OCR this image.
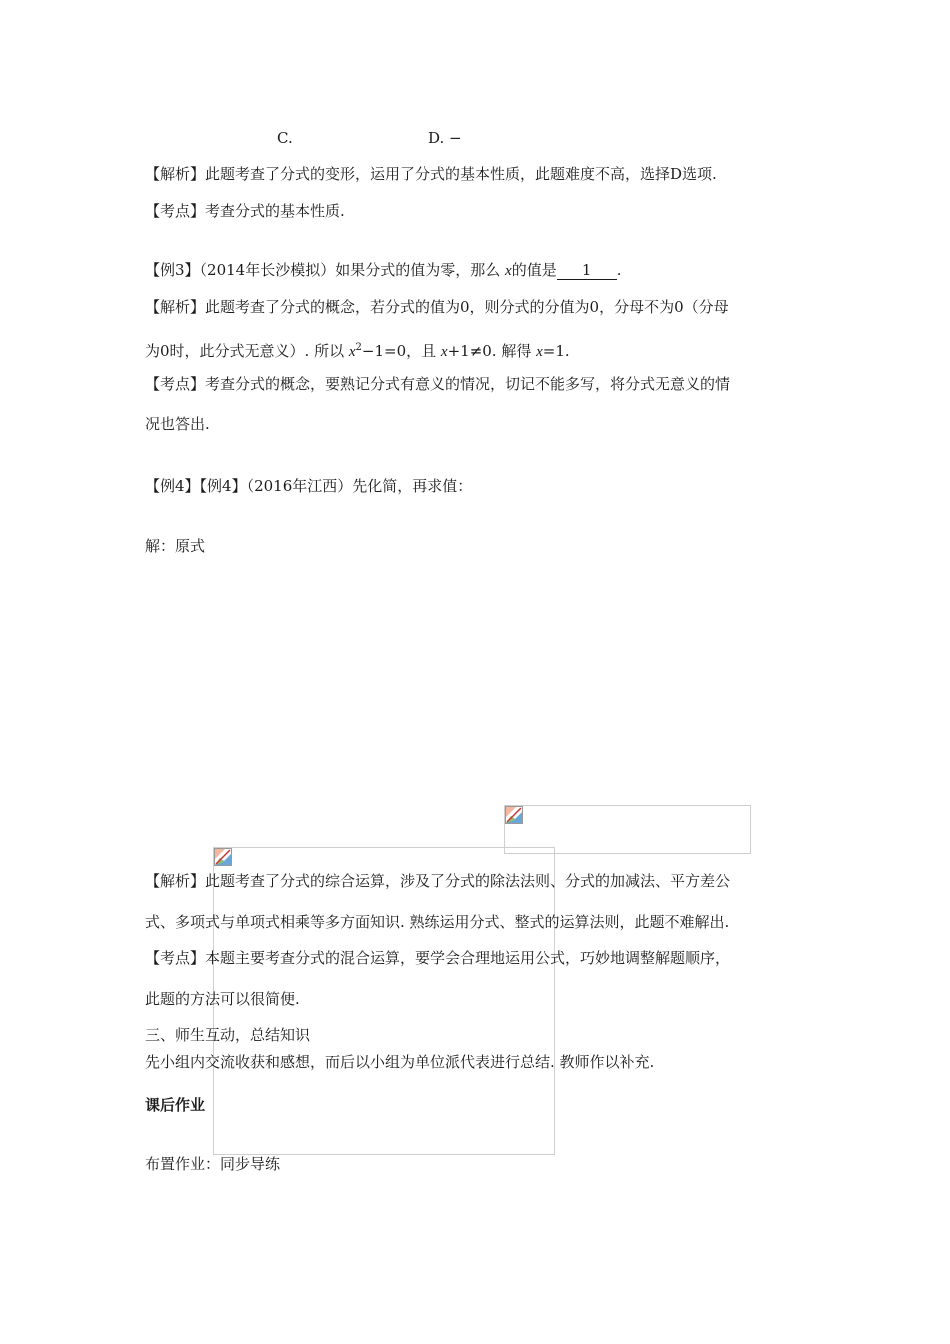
C.	D. −
【解析】此题考查了分式的变形，运用了分式的基本性质，此题难度不高，选择D选项.
【考点】考查分式的基本性质.
【例3】（2014年长沙模拟）如果分式的值为零，那么 x的值是 1 .
【解析】此题考查了分式的概念，若分式的值为0，则分式的分值为0，分母不为0（分母
为0时，此分式无意义）. 所以 $x^2-1=0$，且 x+1≠0. 解得 x=1.
【考点】考查分式的概念，要熟记分式有意义的情况，切记不能多写，将分式无意义的情
况也答出.
【例4】【例4】（2016年江西）先化简，再求值：
解：原式
【解析】此题考查了分式的综合运算，涉及了分式的除法法则、分式的加减法、平方差公
式、多项式与单项式相乘等多方面知识. 熟练运用分式、整式的运算法则，此题不难解出.
【考点】本题主要考查分式的混合运算，要学会合理地运用公式，巧妙地调整解题顺序，
此题的方法可以很简便.
三、师生互动，总结知识
先小组内交流收获和感想，而后以小组为单位派代表进行总结. 教师作以补充.
课后作业
布置作业：同步导练
